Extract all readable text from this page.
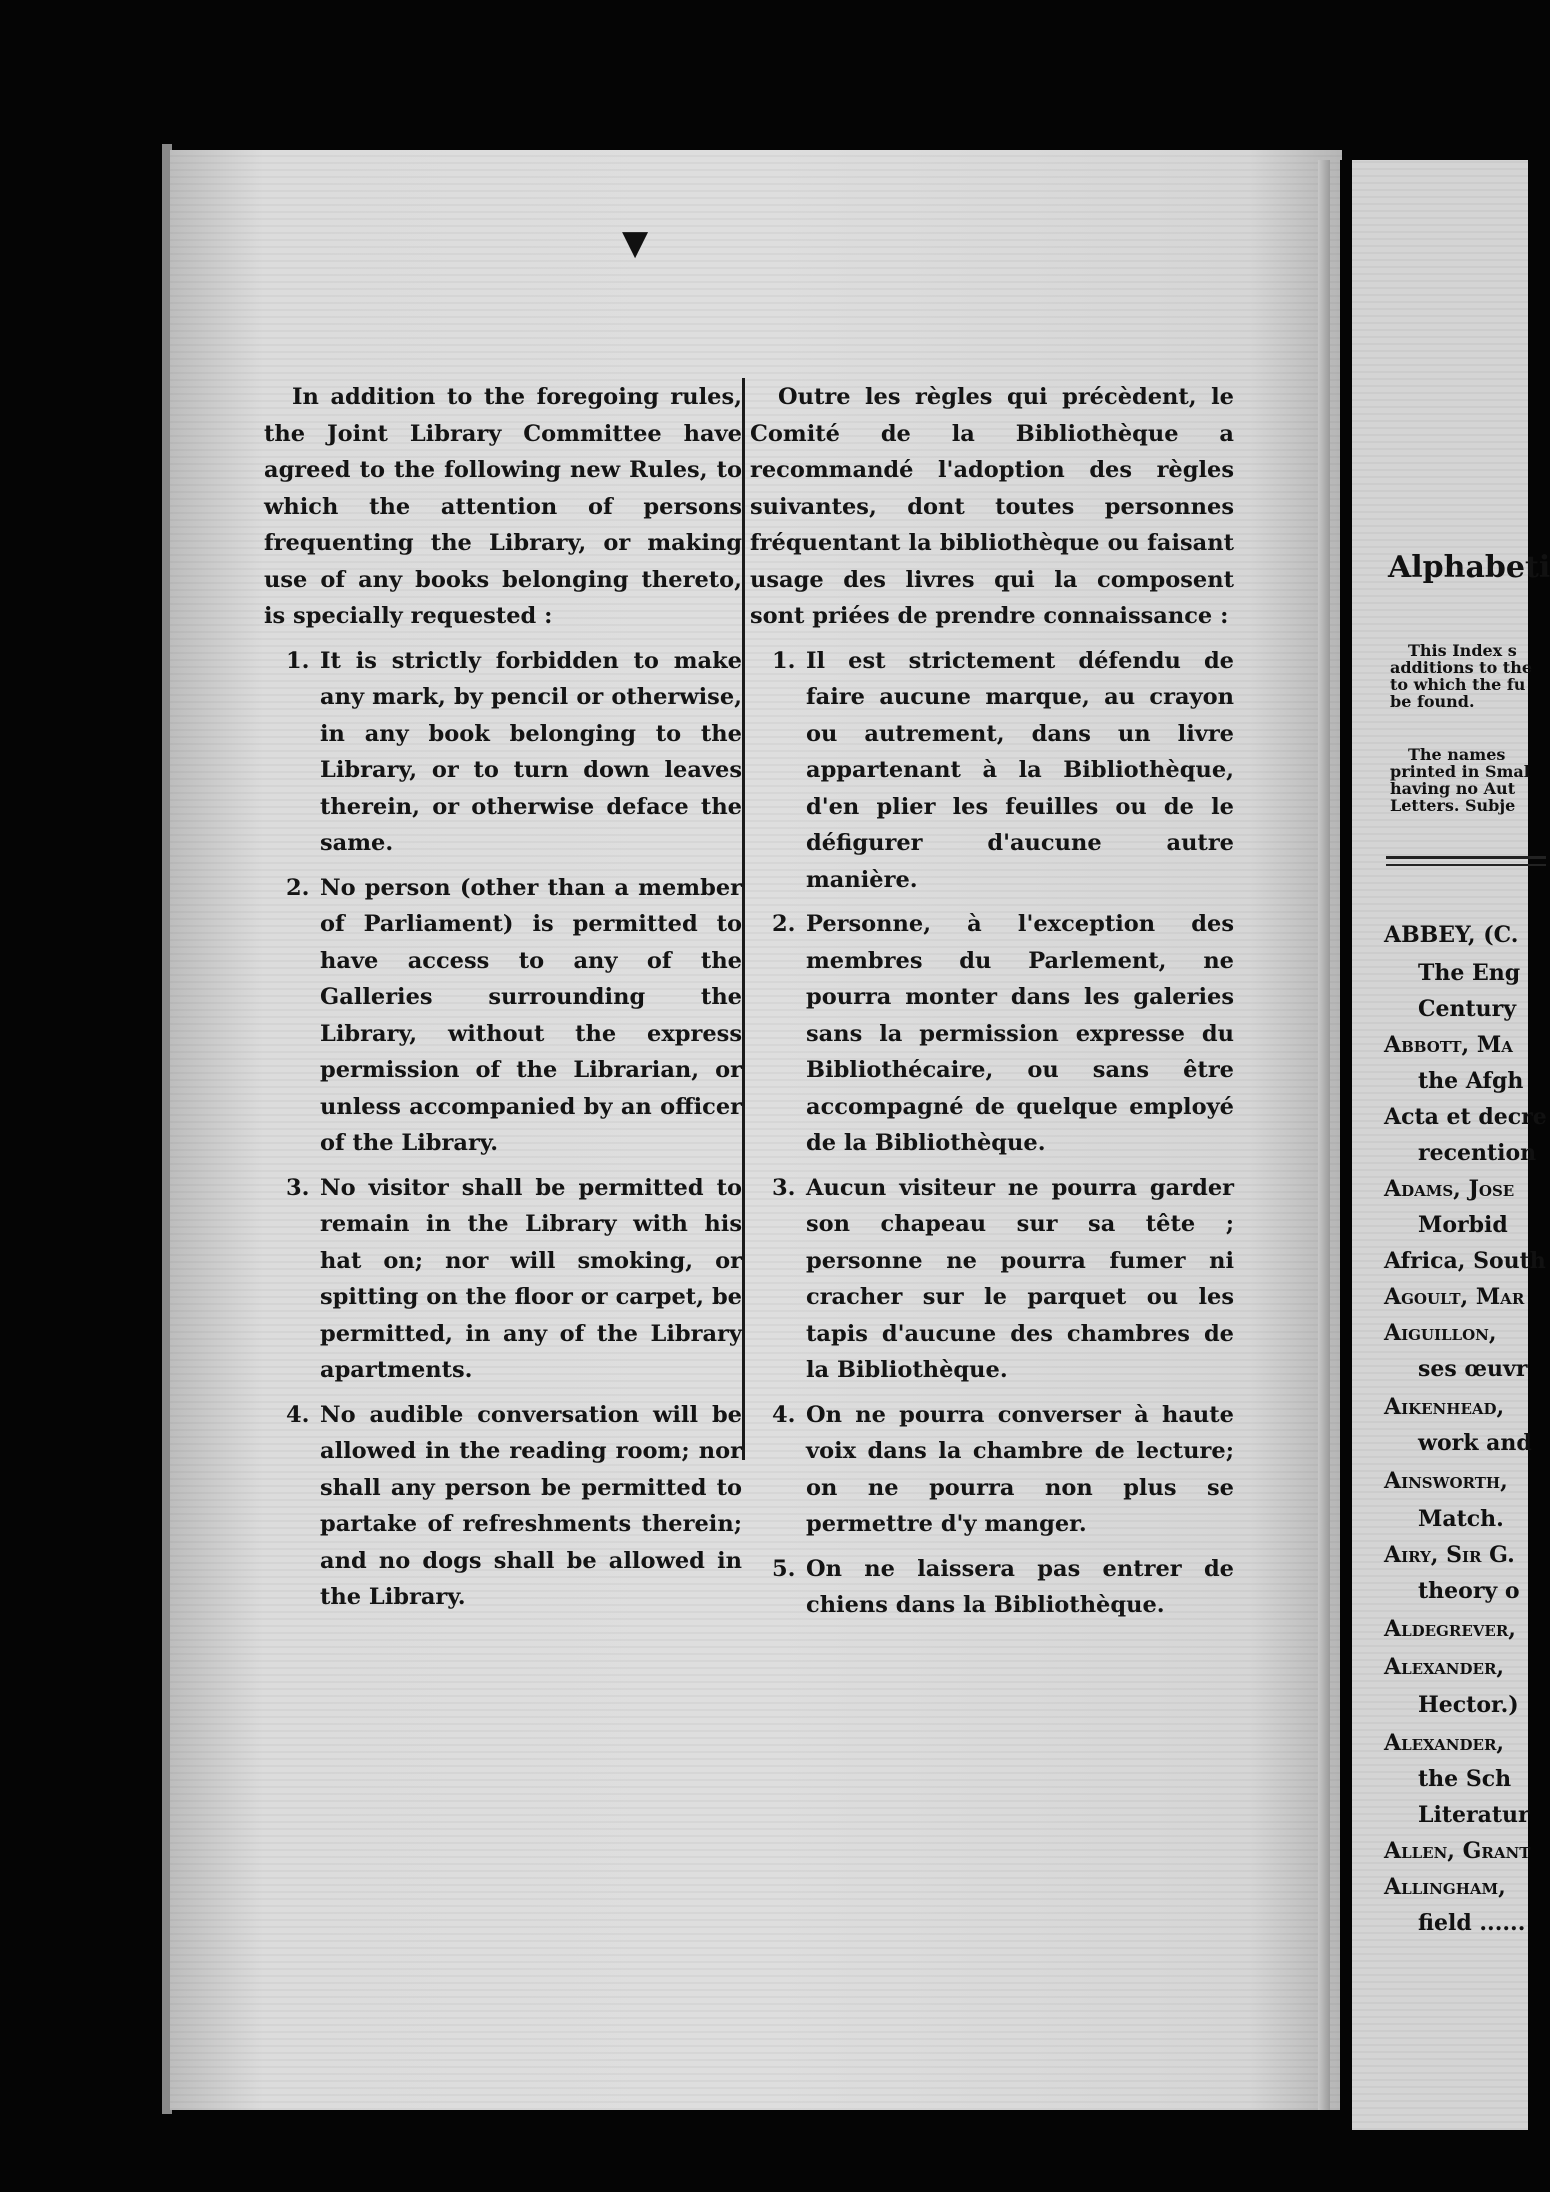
▼

In addition to the foregoing rules, the Joint Library Committee have agreed to the following new Rules, to which the attention of persons frequenting the Library, or making use of any books belonging thereto, is specially requested :

1. It is strictly forbidden to make any mark, by pencil or otherwise, in any book belonging to the Library, or to turn down leaves therein, or otherwise deface the same.
2. No person (other than a member of Parliament) is permitted to have access to any of the Galleries surrounding the Library, without the express permission of the Librarian, or unless accompanied by an officer of the Library.
3. No visitor shall be permitted to remain in the Library with his hat on; nor will smoking, or spitting on the floor or carpet, be permitted, in any of the Library apartments.
4. No audible conversation will be allowed in the reading room; nor shall any person be permitted to partake of refreshments therein; and no dogs shall be allowed in the Library.

Outre les règles qui précèdent, le Comité de la Bibliothèque a recommandé l'adoption des règles suivantes, dont toutes personnes fréquentant la bibliothèque ou faisant usage des livres qui la composent sont priées de prendre connaissance :

1. Il est strictement défendu de faire aucune marque, au crayon ou autrement, dans un livre appartenant à la Bibliothèque, d'en plier les feuilles ou de le défigurer d'aucune autre manière.
2. Personne, à l'exception des membres du Parlement, ne pourra monter dans les galeries sans la permission expresse du Bibliothécaire, ou sans être accompagné de quelque employé de la Bibliothèque.
3. Aucun visiteur ne pourra garder son chapeau sur sa tête ; personne ne pourra fumer ni cracher sur le parquet ou les tapis d'aucune des chambres de la Bibliothèque.
4. On ne pourra converser à haute voix dans la chambre de lecture; on ne pourra non plus se permettre d'y manger.
5. On ne laissera pas entrer de chiens dans la Bibliothèque.
Alphabeti
This Index s
additions to the
to which the fu
be found.
The names
printed in Smal
having no Aut
Letters. Subje
ABBEY, (C.
The Eng
Century
Abbott, Ma
the Afgh
Acta et decre
recention
Adams, Jose
Morbid
Africa, South
Agoult, Mar
Aiguillon,
ses œuvr
Aikenhead,
work and
Ainsworth,
Match.
Airy, Sir G.
theory o
Aldegrever,
Alexander,
Hector.)
Alexander,
the Sch
Literatur
Allen, Grant
Allingham,
field ......
